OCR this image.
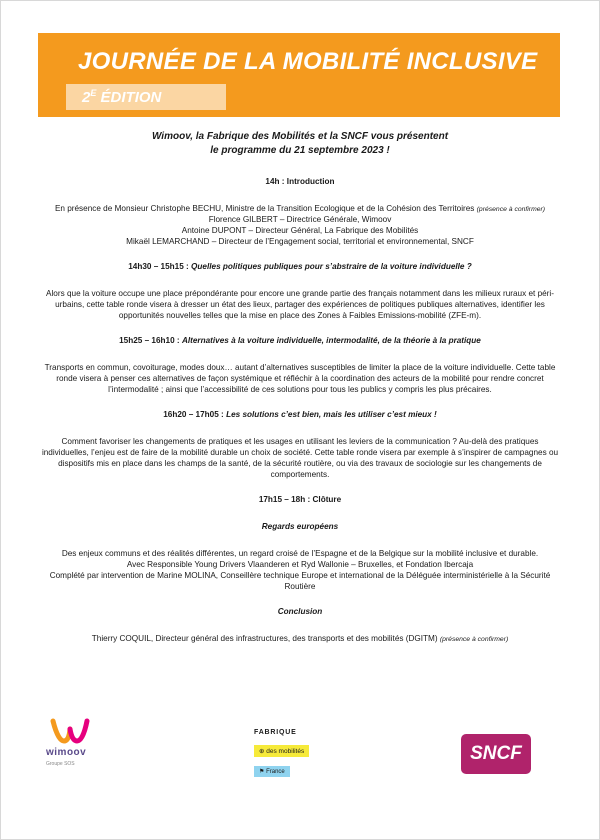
JOURNÉE DE LA MOBILITÉ INCLUSIVE
$2^E$ ÉDITION
Wimoov, la Fabrique des Mobilités et la SNCF vous présentent
le programme du 21 septembre 2023 !
14h : Introduction
En présence de Monsieur Christophe BECHU, Ministre de la Transition Ecologique et de la Cohésion des Territoires (présence à confirmer)
Florence GILBERT – Directrice Générale, Wimoov
Antoine DUPONT – Directeur Général, La Fabrique des Mobilités
Mikaël LEMARCHAND – Directeur de l’Engagement social, territorial et environnemental, SNCF
14h30 – 15h15 : Quelles politiques publiques pour s’abstraire de la voiture individuelle ?
Alors que la voiture occupe une place prépondérante pour encore une grande partie des français notamment dans les milieux ruraux et péri-urbains, cette table ronde visera à dresser un état des lieux, partager des expériences de politiques publiques alternatives, identifier les opportunités nouvelles telles que la mise en place des Zones à Faibles Emissions-mobilité (ZFE-m).
15h25 – 16h10 : Alternatives à la voiture individuelle, intermodalité, de la théorie à la pratique
Transports en commun, covoiturage, modes doux… autant d’alternatives susceptibles de limiter la place de la voiture individuelle. Cette table ronde visera à penser ces alternatives de façon systémique et réfléchir à la coordination des acteurs de la mobilité pour rendre concret l’intermodalité ; ainsi que l’accessibilité de ces solutions pour tous les publics y compris les plus précaires.
16h20 – 17h05 : Les solutions c’est bien, mais les utiliser c’est mieux !
Comment favoriser les changements de pratiques et les usages en utilisant les leviers de la communication ? Au-delà des pratiques individuelles, l’enjeu est de faire de la mobilité durable un choix de société. Cette table ronde visera par exemple à s’inspirer de campagnes ou dispositifs mis en place dans les champs de la santé, de la sécurité routière, ou via des travaux de sociologie sur les changements de comportements.
17h15 – 18h : Clôture
Regards européens
Des enjeux communs et des réalités différentes, un regard croisé de l’Espagne et de la Belgique sur la mobilité inclusive et durable.
Avec Responsible Young Drivers Vlaanderen et Ryd Wallonie – Bruxelles, et Fondation Ibercaja
Complété par intervention de Marine MOLINA, Conseillère technique Europe et international de la Déléguée interministérielle à la Sécurité Routière
Conclusion
Thierry COQUIL, Directeur général des infrastructures, des transports et des mobilités (DGITM) (présence à confirmer)
wimoov
Groupe SOS
FABRIQUE
⊕ des mobilités
⚑ France
SNCF
